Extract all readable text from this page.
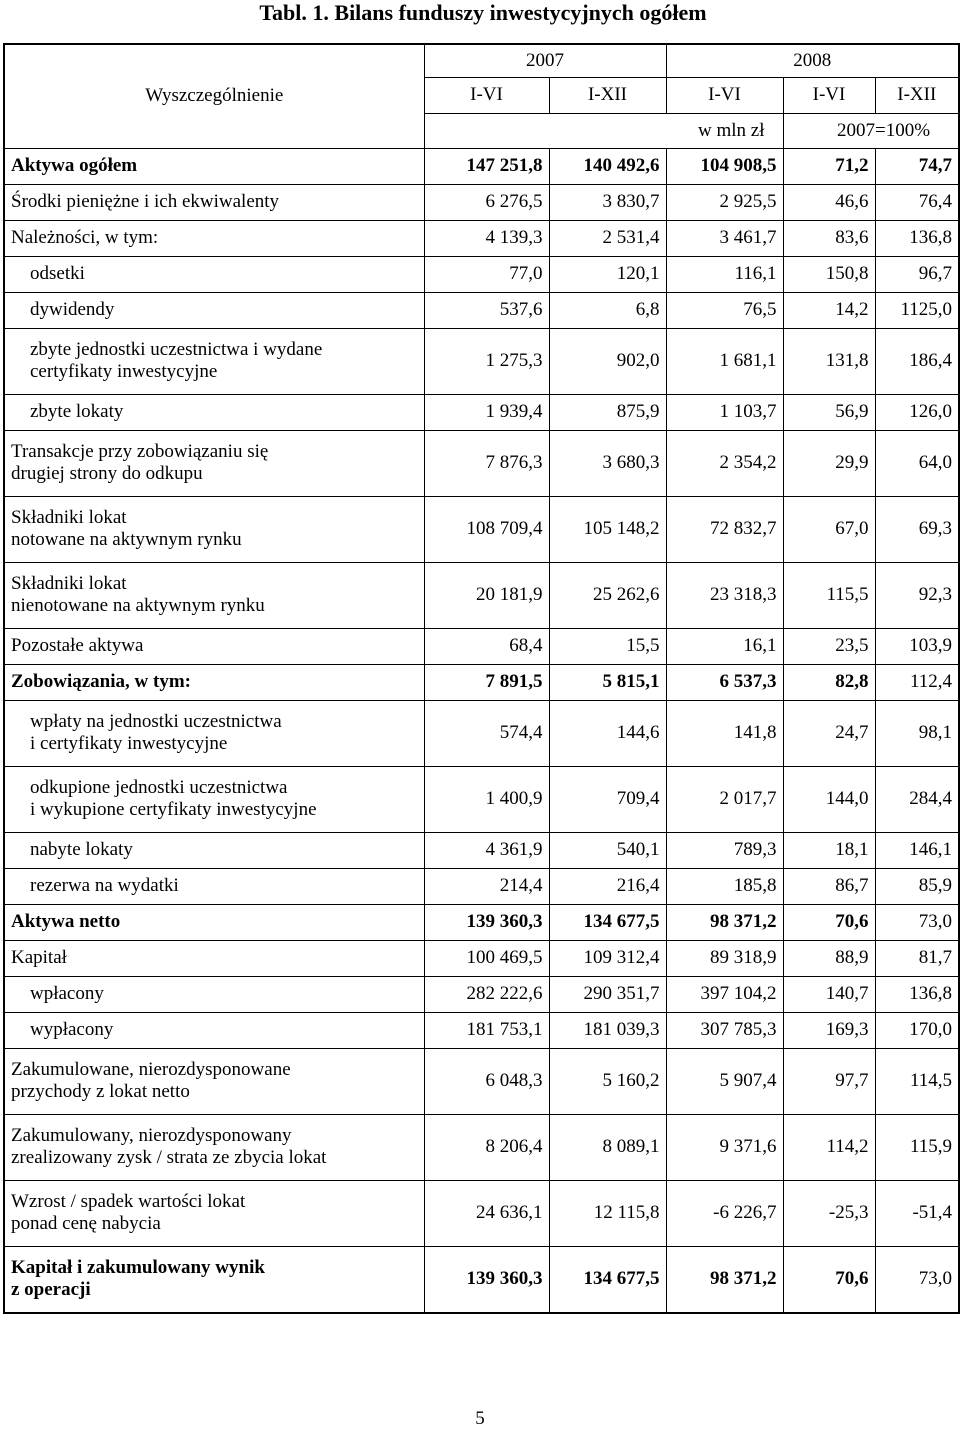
Tabl. 1. Bilans funduszy inwestycyjnych ogółem
Wyszczególnienie	2007		2008		
	I-VI	I-XII	I-VI	I-VI	I-XII
	w mln zł			2007=100%	
Aktywa ogółem	147 251,8	140 492,6	104 908,5	71,2	74,7
Środki pieniężne i ich ekwiwalenty	6 276,5	3 830,7	2 925,5	46,6	76,4
Należności, w tym:	4 139,3	2 531,4	3 461,7	83,6	136,8
odsetki	77,0	120,1	116,1	150,8	96,7
dywidendy	537,6	6,8	76,5	14,2	1125,0

zbyte jednostki uczestnictwa i wydane
certyfikaty inwestycyjne	1 275,3	902,0	1 681,1	131,8	186,4
zbyte lokaty	1 939,4	875,9	1 103,7	56,9	126,0

Transakcje przy zobowiązaniu się
drugiej strony do odkupu	7 876,3	3 680,3	2 354,2	29,9	64,0

Składniki lokat
notowane na aktywnym rynku	108 709,4	105 148,2	72 832,7	67,0	69,3

Składniki lokat
nienotowane na aktywnym rynku	20 181,9	25 262,6	23 318,3	115,5	92,3
Pozostałe aktywa	68,4	15,5	16,1	23,5	103,9
Zobowiązania, w tym:	7 891,5	5 815,1	6 537,3	82,8	112,4

wpłaty na jednostki uczestnictwa
i certyfikaty inwestycyjne	574,4	144,6	141,8	24,7	98,1

odkupione jednostki uczestnictwa
i wykupione certyfikaty inwestycyjne	1 400,9	709,4	2 017,7	144,0	284,4
nabyte lokaty	4 361,9	540,1	789,3	18,1	146,1
rezerwa na wydatki	214,4	216,4	185,8	86,7	85,9
Aktywa netto	139 360,3	134 677,5	98 371,2	70,6	73,0
Kapitał	100 469,5	109 312,4	89 318,9	88,9	81,7
wpłacony	282 222,6	290 351,7	397 104,2	140,7	136,8
wypłacony	181 753,1	181 039,3	307 785,3	169,3	170,0

Zakumulowane, nierozdysponowane
przychody z lokat netto	6 048,3	5 160,2	5 907,4	97,7	114,5

Zakumulowany, nierozdysponowany
zrealizowany zysk / strata ze zbycia lokat	8 206,4	8 089,1	9 371,6	114,2	115,9

Wzrost / spadek wartości lokat
ponad cenę nabycia	24 636,1	12 115,8	-6 226,7	-25,3	-51,4

Kapitał i zakumulowany wynik
z operacji	139 360,3	134 677,5	98 371,2	70,6	73,0
5
